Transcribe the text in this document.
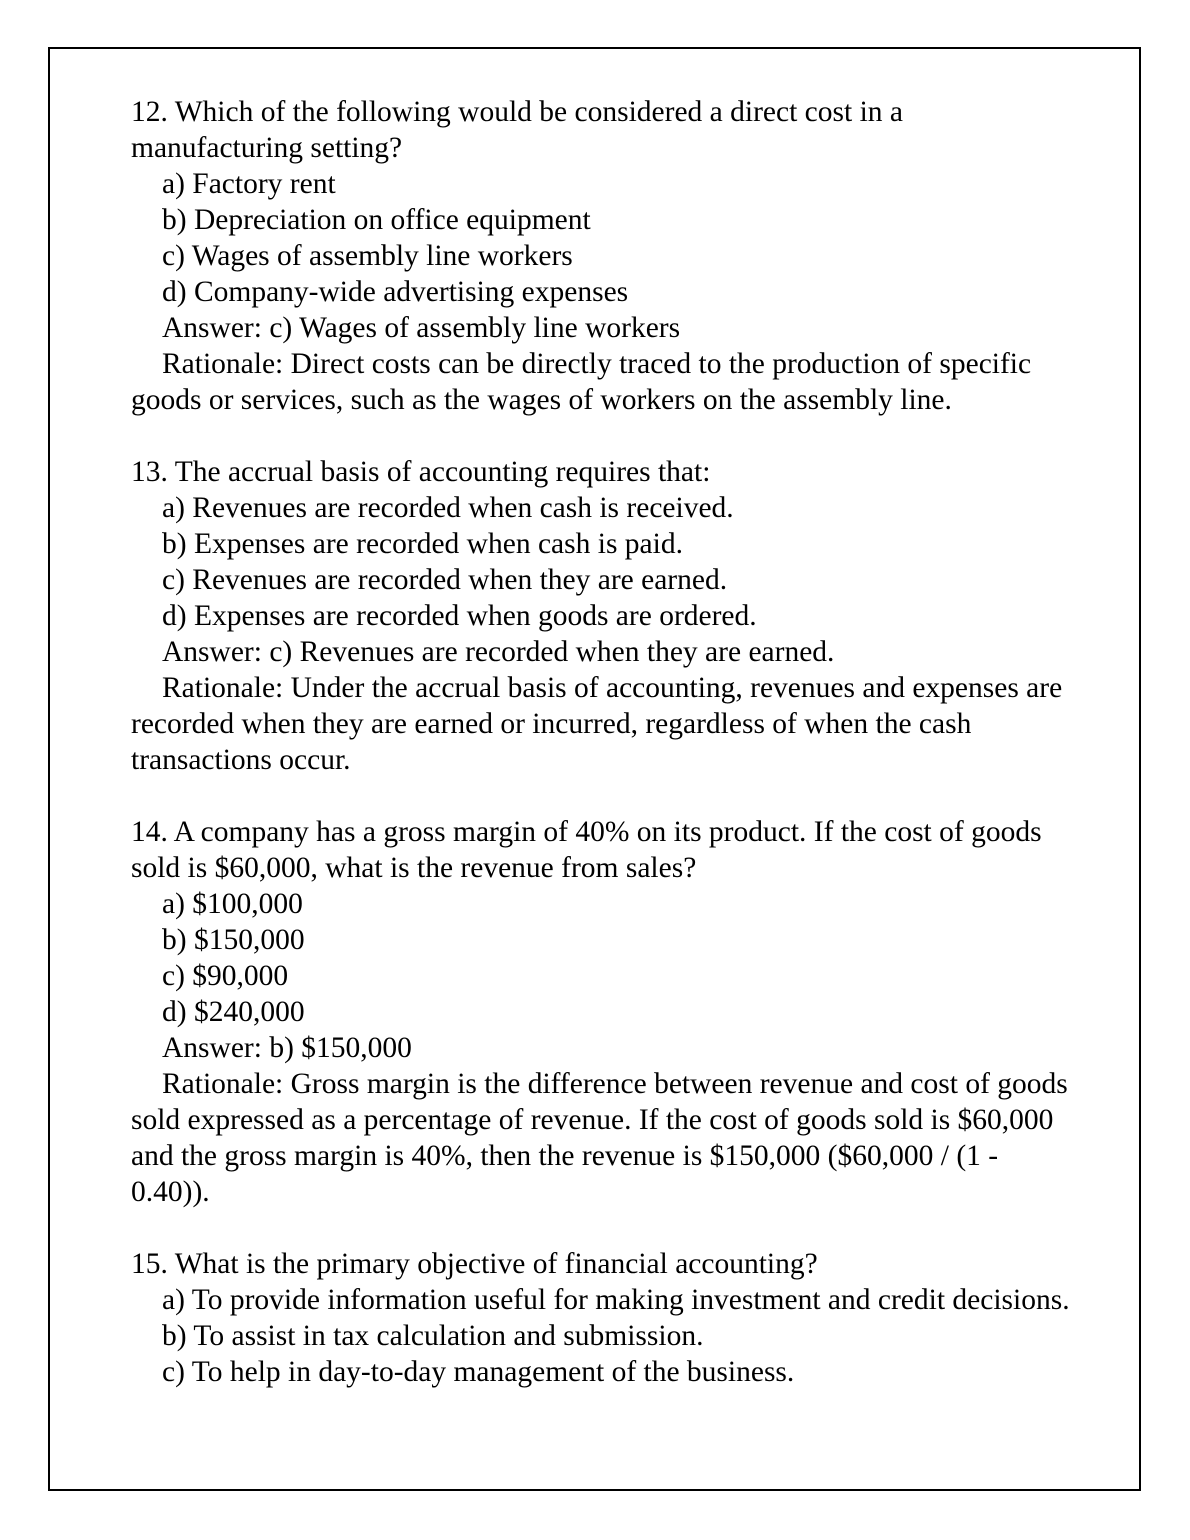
12. Which of the following would be considered a direct cost in a manufacturing setting?

a) Factory rent

b) Depreciation on office equipment

c) Wages of assembly line workers

d) Company-wide advertising expenses

Answer: c) Wages of assembly line workers

Rationale: Direct costs can be directly traced to the production of specific goods or services, such as the wages of workers on the assembly line.

13. The accrual basis of accounting requires that:

a) Revenues are recorded when cash is received.

b) Expenses are recorded when cash is paid.

c) Revenues are recorded when they are earned.

d) Expenses are recorded when goods are ordered.

Answer: c) Revenues are recorded when they are earned.

Rationale: Under the accrual basis of accounting, revenues and expenses are recorded when they are earned or incurred, regardless of when the cash transactions occur.

14. A company has a gross margin of 40% on its product. If the cost of goods sold is $60,000, what is the revenue from sales?

a) $100,000

b) $150,000

c) $90,000

d) $240,000

Answer: b) $150,000

Rationale: Gross margin is the difference between revenue and cost of goods sold expressed as a percentage of revenue. If the cost of goods sold is $60,000 and the gross margin is 40%, then the revenue is $150,000 ($60,000 / (1 - 0.40)).

15. What is the primary objective of financial accounting?

a) To provide information useful for making investment and credit decisions.

b) To assist in tax calculation and submission.

c) To help in day-to-day management of the business.
